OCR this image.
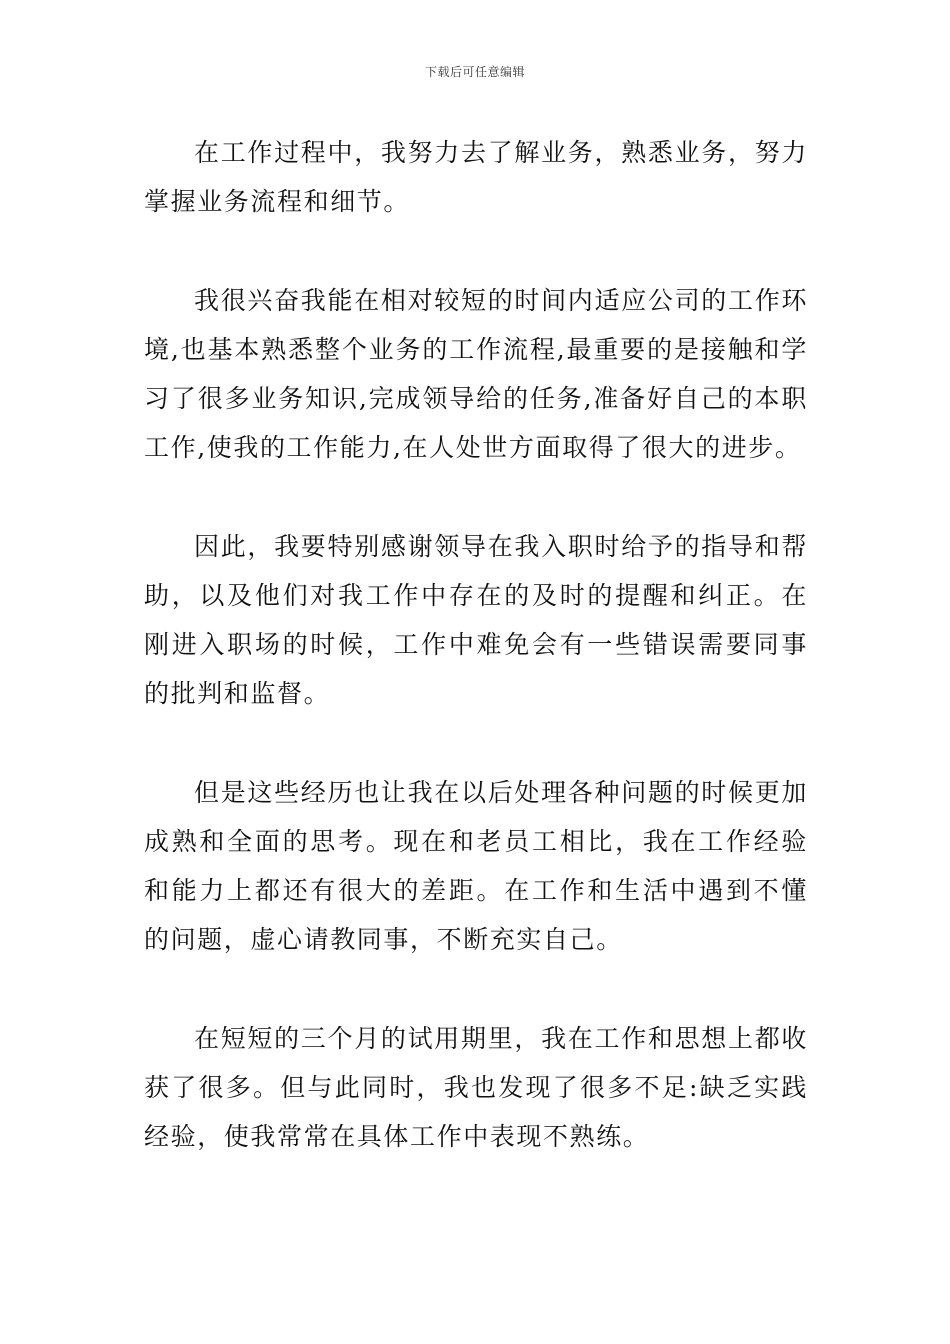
下载后可任意编辑

在工作过程中，我努力去了解业务，熟悉业务，努力掌握业务流程和细节。

我很兴奋我能在相对较短的时间内适应公司的工作环境,也基本熟悉整个业务的工作流程,最重要的是接触和学习了很多业务知识,完成领导给的任务,准备好自己的本职工作,使我的工作能力,在人处世方面取得了很大的进步。

因此，我要特别感谢领导在我入职时给予的指导和帮助，以及他们对我工作中存在的及时的提醒和纠正。在刚进入职场的时候，工作中难免会有一些错误需要同事的批判和监督。

但是这些经历也让我在以后处理各种问题的时候更加成熟和全面的思考。现在和老员工相比，我在工作经验和能力上都还有很大的差距。在工作和生活中遇到不懂的问题，虚心请教同事，不断充实自己。

在短短的三个月的试用期里，我在工作和思想上都收获了很多。但与此同时，我也发现了很多不足:缺乏实践经验，使我常常在具体工作中表现不熟练。
